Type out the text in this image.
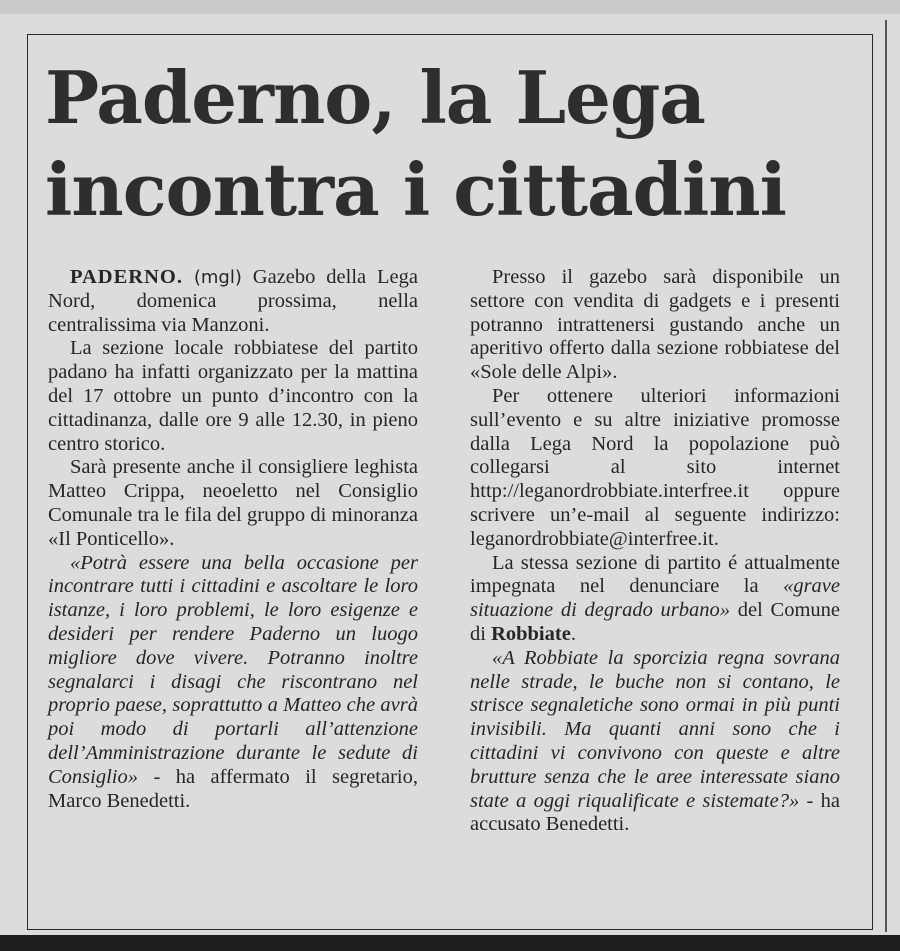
Paderno, la Lega
incontra i cittadini

PADERNO. (mgl) Gazebo della Lega Nord, domenica prossima, nella centralissima via Manzoni.

La sezione locale robbiatese del partito padano ha infatti organizzato per la mattina del 17 ottobre un punto d’incontro con la cittadinanza, dalle ore 9 alle 12.30, in pieno centro storico.

Sarà presente anche il consigliere leghista Matteo Crippa, neoeletto nel Consiglio Comunale tra le fila del gruppo di minoranza «Il Ponticello».

«Potrà essere una bella occasione per incontrare tutti i cittadini e ascoltare le loro istanze, i loro problemi, le loro esigenze e desideri per rendere Paderno un luogo migliore dove vivere. Potranno inoltre segnalarci i disagi che riscontrano nel proprio paese, soprattutto a Matteo che avrà poi modo di portarli all’attenzione dell’Amministrazione durante le sedute di Consiglio» - ha affermato il segretario, Marco Benedetti.

Presso il gazebo sarà disponibile un settore con vendita di gadgets e i presenti potranno intrattenersi gustando anche un aperitivo offerto dalla sezione robbiatese del «Sole delle Alpi».

Per ottenere ulteriori informazioni sull’evento e su altre iniziative promosse dalla Lega Nord la popolazione può collegarsi al sito internet http://leganordrobbiate.interfree.it oppure scrivere un’e-mail al seguente indirizzo: leganordrobbiate@interfree.it.

La stessa sezione di partito é attualmente impegnata nel denunciare la «grave situazione di degrado urbano» del Comune di Robbiate.

«A Robbiate la sporcizia regna sovrana nelle strade, le buche non si contano, le strisce segnaletiche sono ormai in più punti invisibili. Ma quanti anni sono che i cittadini vi convivono con queste e altre brutture senza che le aree interessate siano state a oggi riqualificate e sistemate?» - ha accusato Benedetti.
